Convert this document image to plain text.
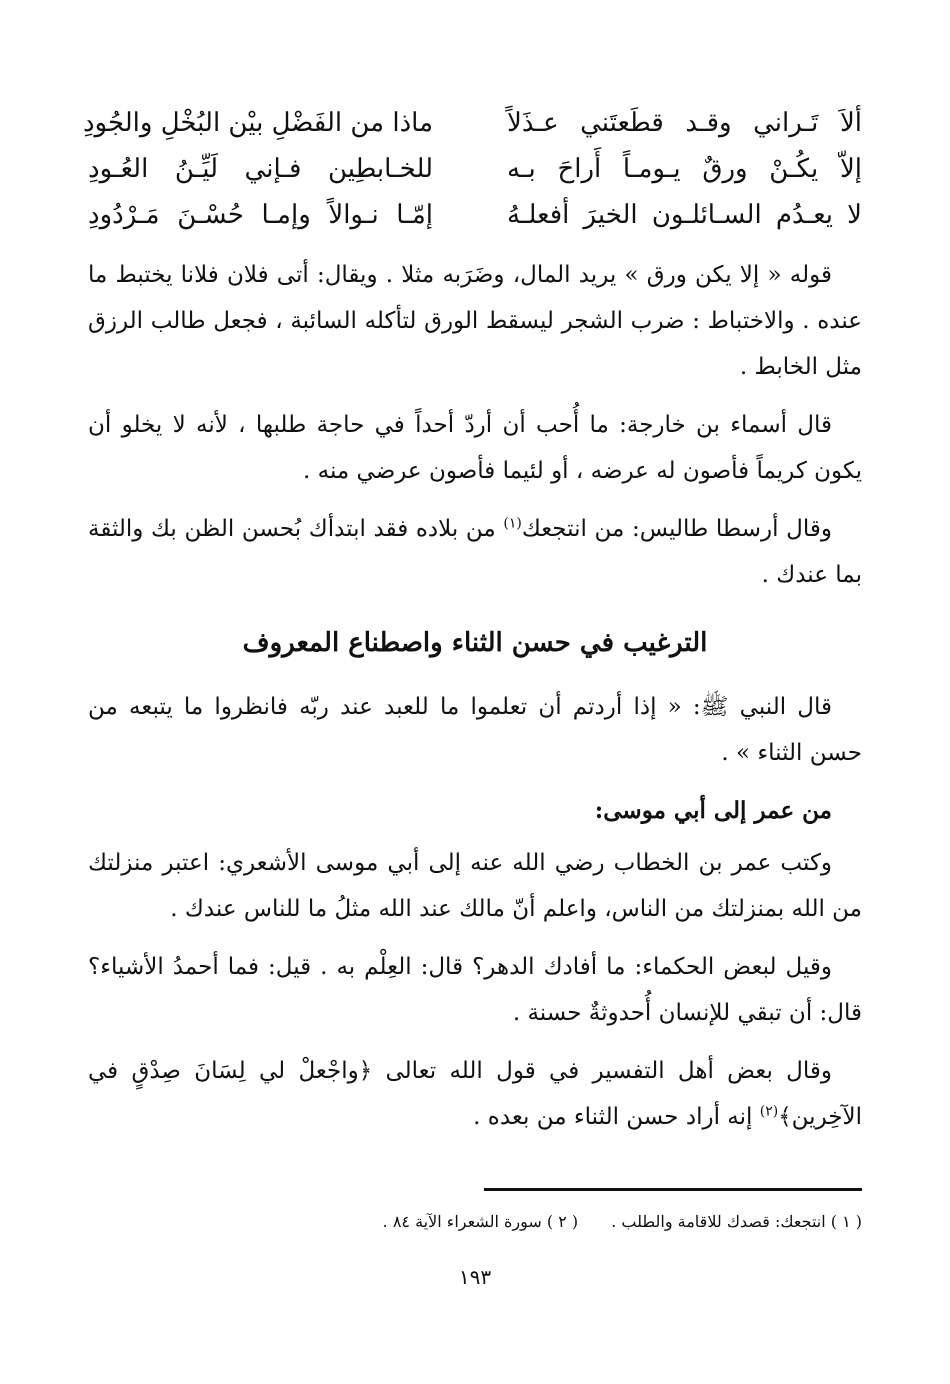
ألاَ تَـراني وقـد قطَعتَني عـذَلاً
ماذا من الفَضْلِ بيْن البُخْلِ والجُودِ
إلاّ يكُـنْ ورقٌ يـومـاً أَراحَ بـه
للخـابطِين فـإني لَيِّـنُ العُـودِ
لا يعـدُم السـائلـون الخيرَ أفعلـهُ
إمّـا نـوالاً وإمـا حُسْـنَ مَـرْدُودِ

قوله « إلا يكن ورق » يريد المال، وضَرَبه مثلا . ويقال: أتى فلان فلانا يختبط ما عنده . والاختباط : ضرب الشجر ليسقط الورق لتأكله السائبة ، فجعل طالب الرزق مثل الخابط .

قال أسماء بن خارجة: ما أُحب أن أردّ أحداً في حاجة طلبها ، لأنه لا يخلو أن يكون كريماً فأصون له عرضه ، أو لئيما فأصون عرضي منه .

وقال أرسطا طاليس: من انتجعك$^{(١)}$ من بلاده فقد ابتدأك بُحسن الظن بك والثقة بما عندك .

الترغيب في حسن الثناء واصطناع المعروف

قال النبي ﷺ: « إذا أردتم أن تعلموا ما للعبد عند ربّه فانظروا ما يتبعه من حسن الثناء » .

من عمر إلى أبي موسى:

وكتب عمر بن الخطاب رضي الله عنه إلى أبي موسى الأشعري: اعتبر منزلتك من الله بمنزلتك من الناس، واعلم أنّ مالك عند الله مثلُ ما للناس عندك .

وقيل لبعض الحكماء: ما أفادك الدهر؟ قال: العِلْم به . قيل: فما أحمدُ الأشياء؟ قال: أن تبقي للإنسان أُحدوثةٌ حسنة .

وقال بعض أهل التفسير في قول الله تعالى ﴿واجْعلْ لي لِسَانَ صِدْقٍ في الآخِرين﴾$^{(٢)}$ إنه أراد حسن الثناء من بعده .

( ١ ) انتجعك: قصدك للاقامة والطلب . ( ٢ ) سورة الشعراء الآية ٨٤ .
١٩٣
